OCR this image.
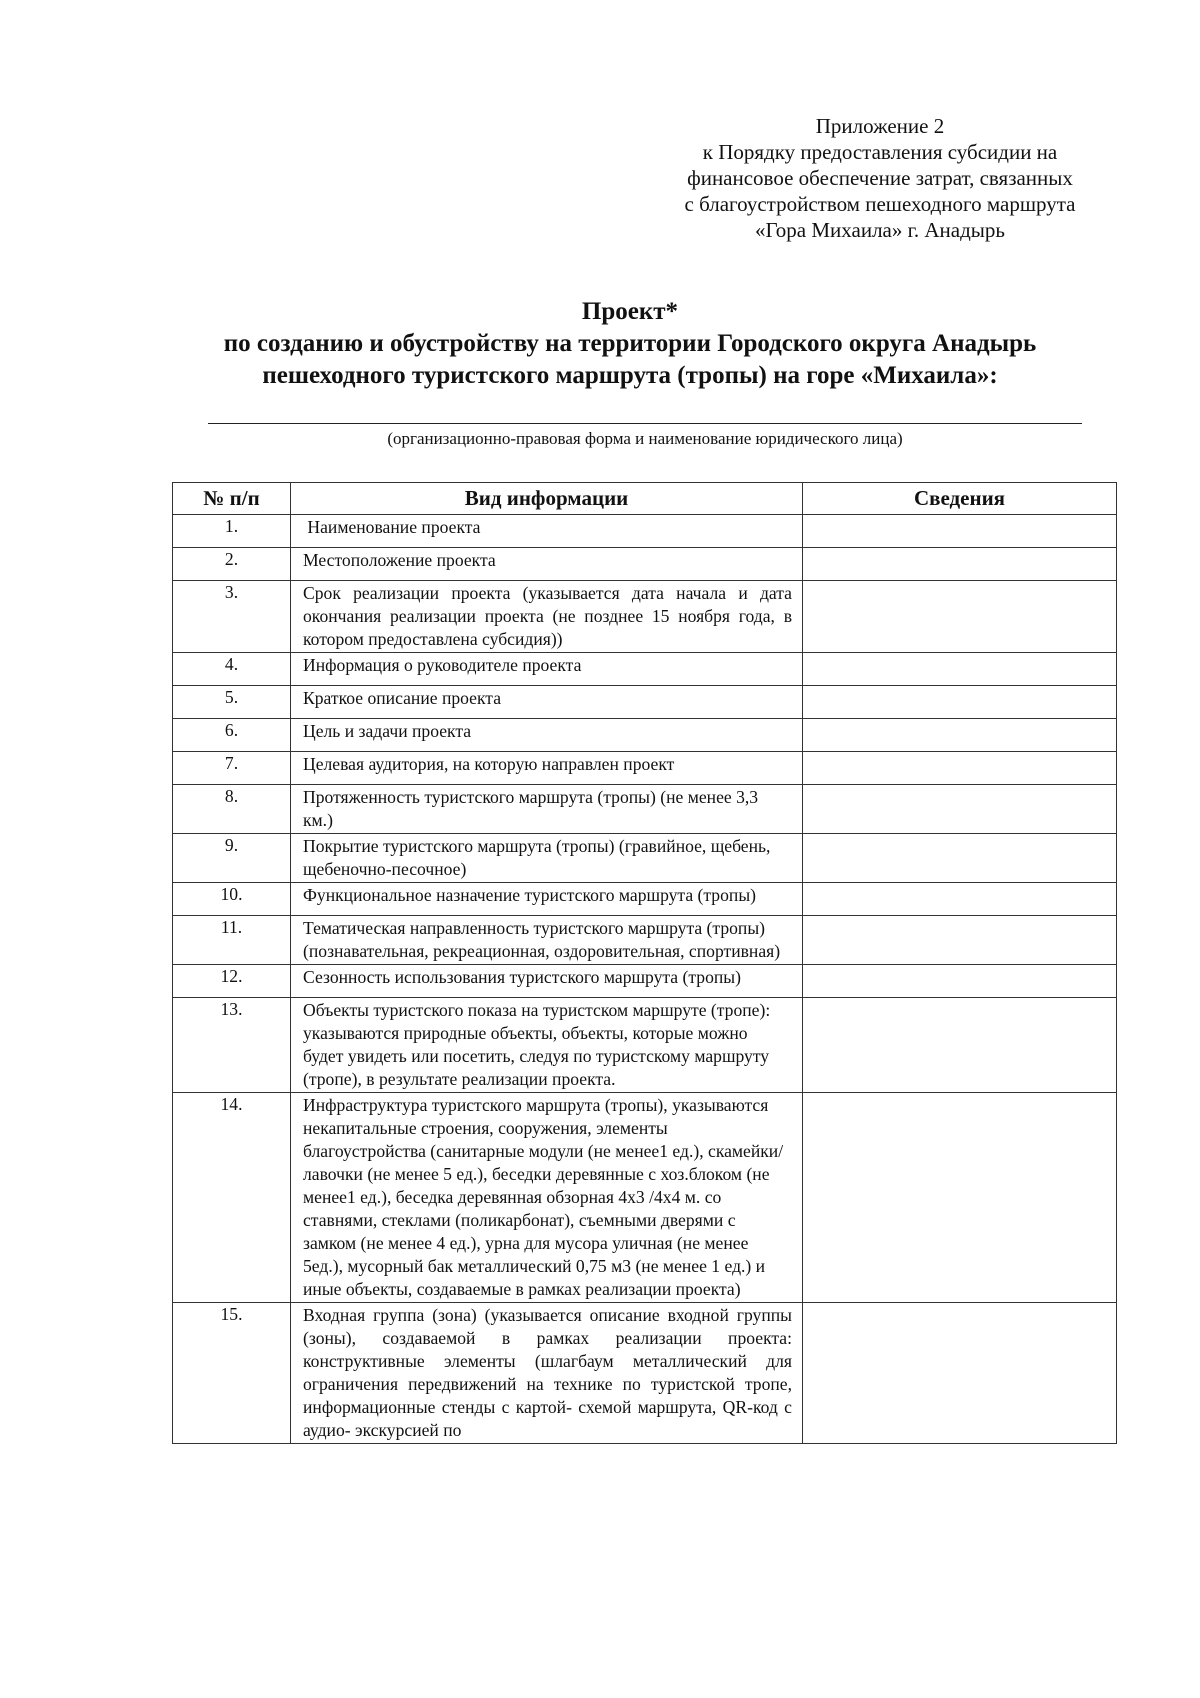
Приложение 2
к Порядку предоставления субсидии на
финансовое обеспечение затрат, связанных
с благоустройством пешеходного маршрута
«Гора Михаила» г. Анадырь
Проект*
по созданию и обустройству на территории Городского округа Анадырь
пешеходного туристского маршрута (тропы) на горе «Михаила»:
(организационно-правовая форма и наименование юридического лица)
№ п/п	Вид информации	Сведения
1.	Наименование проекта	
2.	Местоположение проекта	
3.	Срок реализации проекта (указывается дата начала и дата окончания реализации проекта (не позднее 15 ноября года, в котором предоставлена субсидия))	
4.	Информация о руководителе проекта	
5.	Краткое описание проекта	
6.	Цель и задачи проекта	
7.	Целевая аудитория, на которую направлен проект	
8.	Протяженность туристского маршрута (тропы) (не менее 3,3 км.)	
9.	Покрытие туристского маршрута (тропы) (гравийное, щебень, щебеночно-песочное)	
10.	Функциональное назначение туристского маршрута (тропы)	
11.	Тематическая направленность туристского маршрута (тропы) (познавательная, рекреационная, оздоровительная, спортивная)	
12.	Сезонность использования туристского маршрута (тропы)	
13.	Объекты туристского показа на туристском маршруте (тропе): указываются природные объекты, объекты, которые можно будет увидеть или посетить, следуя по туристскому маршруту (тропе), в результате реализации проекта.	
14.	Инфраструктура туристского маршрута (тропы), указываются некапитальные строения, сооружения, элементы благоустройства (санитарные модули (не менее1 ед.), скамейки/лавочки (не менее 5 ед.), беседки деревянные с хоз.блоком (не менее1 ед.), беседка деревянная обзорная 4х3 /4х4 м. со ставнями, стеклами (поликарбонат), съемными дверями с замком (не менее 4 ед.), урна для мусора уличная (не менее 5ед.), мусорный бак металлический 0,75 м3 (не менее 1 ед.) и иные объекты, создаваемые в рамках реализации проекта)	
15.	Входная группа (зона) (указывается описание входной группы (зоны), создаваемой в рамках реализации проекта: конструктивные элементы (шлагбаум металлический для ограничения передвижений на технике по туристской тропе, информационные стенды с картой- схемой маршрута, QR-код с аудио- экскурсией по	
